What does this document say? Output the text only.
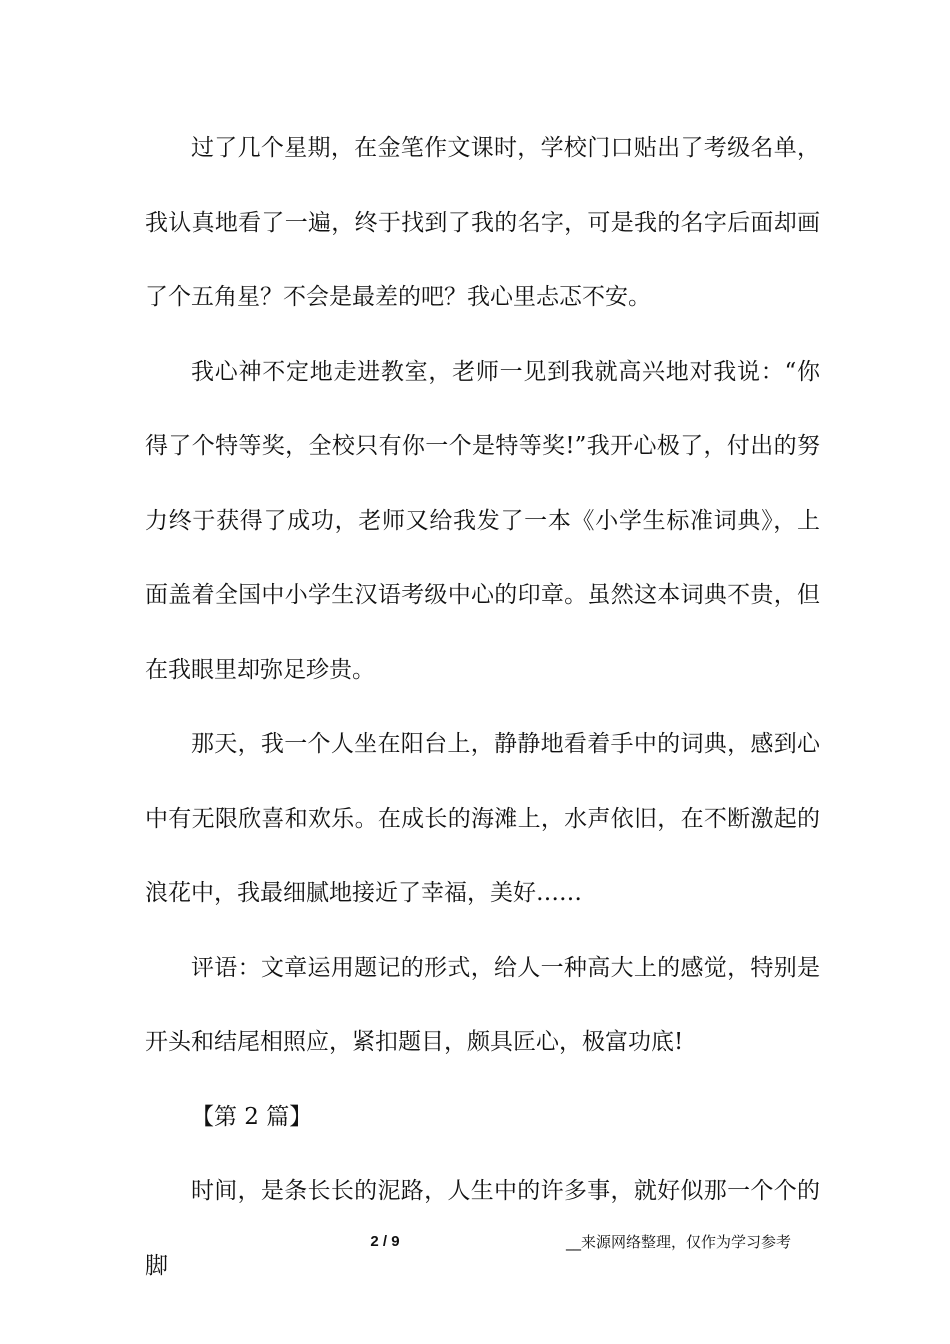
过了几个星期，在金笔作文课时，学校门口贴出了考级名单，我认真地看了一遍，终于找到了我的名字，可是我的名字后面却画了个五角星？不会是最差的吧？我心里忐忑不安。

我心神不定地走进教室，老师一见到我就高兴地对我说：“你得了个特等奖，全校只有你一个是特等奖!”我开心极了，付出的努力终于获得了成功，老师又给我发了一本《小学生标准词典》，上面盖着全国中小学生汉语考级中心的印章。虽然这本词典不贵，但在我眼里却弥足珍贵。

那天，我一个人坐在阳台上，静静地看着手中的词典，感到心中有无限欣喜和欢乐。在成长的海滩上，水声依旧，在不断激起的浪花中，我最细腻地接近了幸福，美好……

评语：文章运用题记的形式，给人一种高大上的感觉，特别是开头和结尾相照应，紧扣题目，颇具匠心，极富功底!

【第 2 篇】

时间，是条长长的泥路，人生中的许多事，就好似那一个个的脚

2 / 9	__来源网络整理，仅作为学习参考
